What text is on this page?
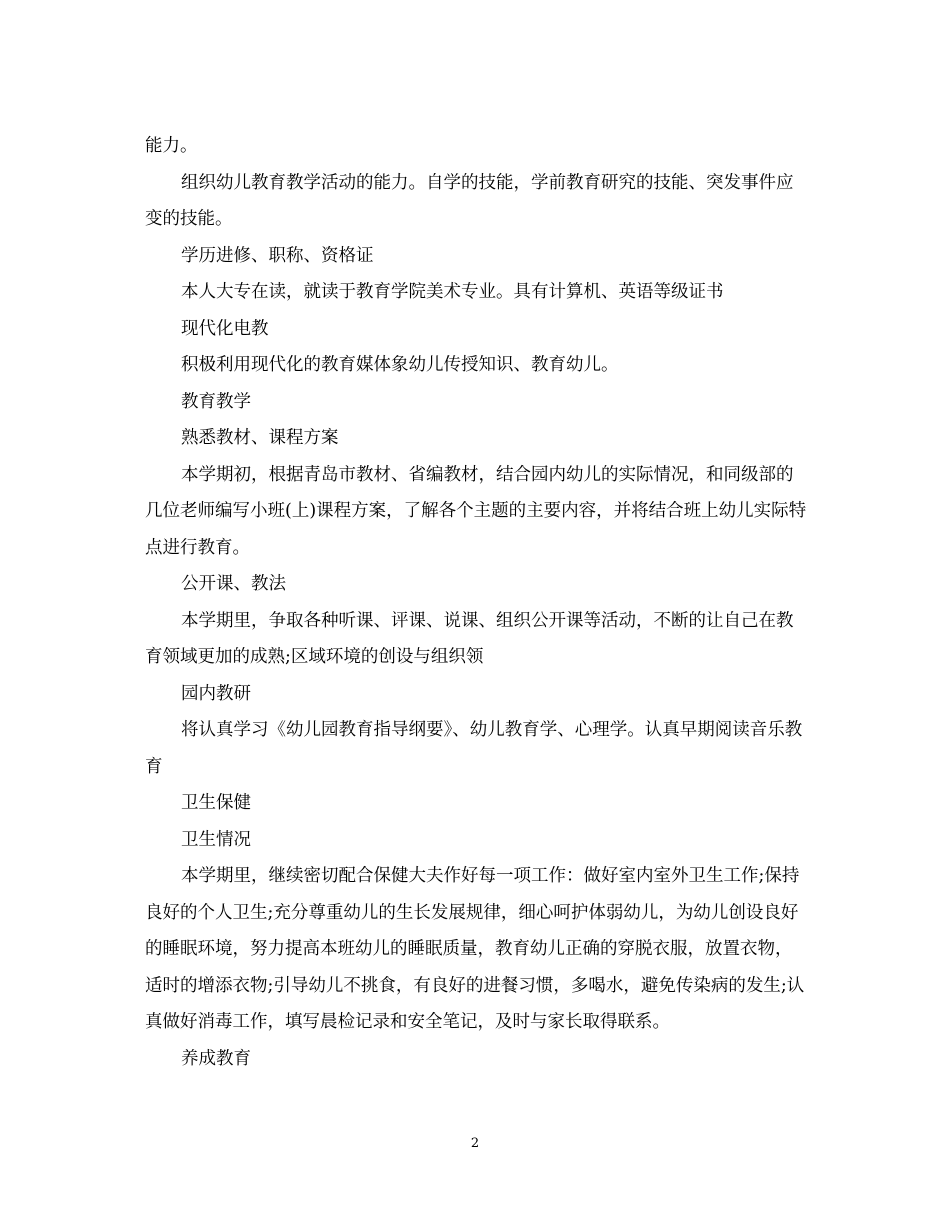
能力。

组织幼儿教育教学活动的能力。自学的技能，学前教育研究的技能、突发事件应变的技能。

学历进修、职称、资格证

本人大专在读，就读于教育学院美术专业。具有计算机、英语等级证书

现代化电教

积极利用现代化的教育媒体象幼儿传授知识、教育幼儿。

教育教学

熟悉教材、课程方案

本学期初，根据青岛市教材、省编教材，结合园内幼儿的实际情况，和同级部的几位老师编写小班(上)课程方案，了解各个主题的主要内容，并将结合班上幼儿实际特点进行教育。

公开课、教法

本学期里，争取各种听课、评课、说课、组织公开课等活动，不断的让自己在教育领域更加的成熟;区域环境的创设与组织领

园内教研

将认真学习《幼儿园教育指导纲要》、幼儿教育学、心理学。认真早期阅读音乐教育

卫生保健

卫生情况

本学期里，继续密切配合保健大夫作好每一项工作：做好室内室外卫生工作;保持良好的个人卫生;充分尊重幼儿的生长发展规律，细心呵护体弱幼儿，为幼儿创设良好的睡眠环境，努力提高本班幼儿的睡眠质量，教育幼儿正确的穿脱衣服，放置衣物，适时的增添衣物;引导幼儿不挑食，有良好的进餐习惯，多喝水，避免传染病的发生;认真做好消毒工作，填写晨检记录和安全笔记，及时与家长取得联系。

养成教育

2
